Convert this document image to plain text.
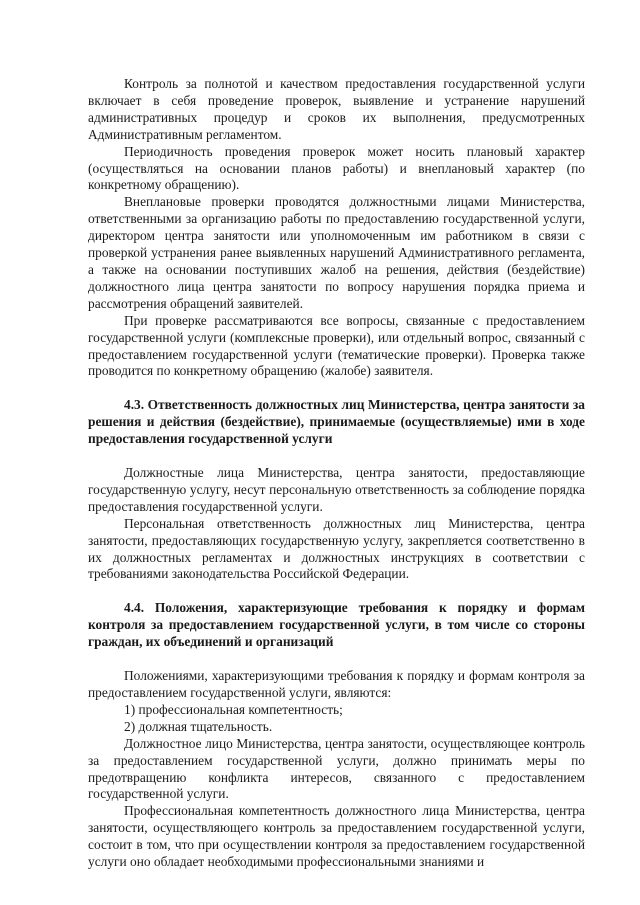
Контроль за полнотой и качеством предоставления государственной услуги включает в себя проведение проверок, выявление и устранение нарушений административных процедур и сроков их выполнения, предусмотренных Административным регламентом.

Периодичность проведения проверок может носить плановый характер (осуществляться на основании планов работы) и внеплановый характер (по конкретному обращению).

Внеплановые проверки проводятся должностными лицами Министерства, ответственными за организацию работы по предоставлению государственной услуги, директором центра занятости или уполномоченным им работником в связи с проверкой устранения ранее выявленных нарушений Административного регламента, а также на основании поступивших жалоб на решения, действия (бездействие) должностного лица центра занятости по вопросу нарушения порядка приема и рассмотрения обращений заявителей.

При проверке рассматриваются все вопросы, связанные с предоставлением государственной услуги (комплексные проверки), или отдельный вопрос, связанный с предоставлением государственной услуги (тематические проверки). Проверка также проводится по конкретному обращению (жалобе) заявителя.

4.3. Ответственность должностных лиц Министерства, центра занятости за решения и действия (бездействие), принимаемые (осуществляемые) ими в ходе предоставления государственной услуги

Должностные лица Министерства, центра занятости, предоставляющие государственную услугу, несут персональную ответственность за соблюдение порядка предоставления государственной услуги.

Персональная ответственность должностных лиц Министерства, центра занятости, предоставляющих государственную услугу, закрепляется соответственно в их должностных регламентах и должностных инструкциях в соответствии с требованиями законодательства Российской Федерации.

4.4. Положения, характеризующие требования к порядку и формам контроля за предоставлением государственной услуги, в том числе со стороны граждан, их объединений и организаций

Положениями, характеризующими требования к порядку и формам контроля за предоставлением государственной услуги, являются:

1) профессиональная компетентность;

2) должная тщательность.

Должностное лицо Министерства, центра занятости, осуществляющее контроль за предоставлением государственной услуги, должно принимать меры по предотвращению конфликта интересов, связанного с предоставлением государственной услуги.

Профессиональная компетентность должностного лица Министерства, центра занятости, осуществляющего контроль за предоставлением государственной услуги, состоит в том, что при осуществлении контроля за предоставлением государственной услуги оно обладает необходимыми профессиональными знаниями и
